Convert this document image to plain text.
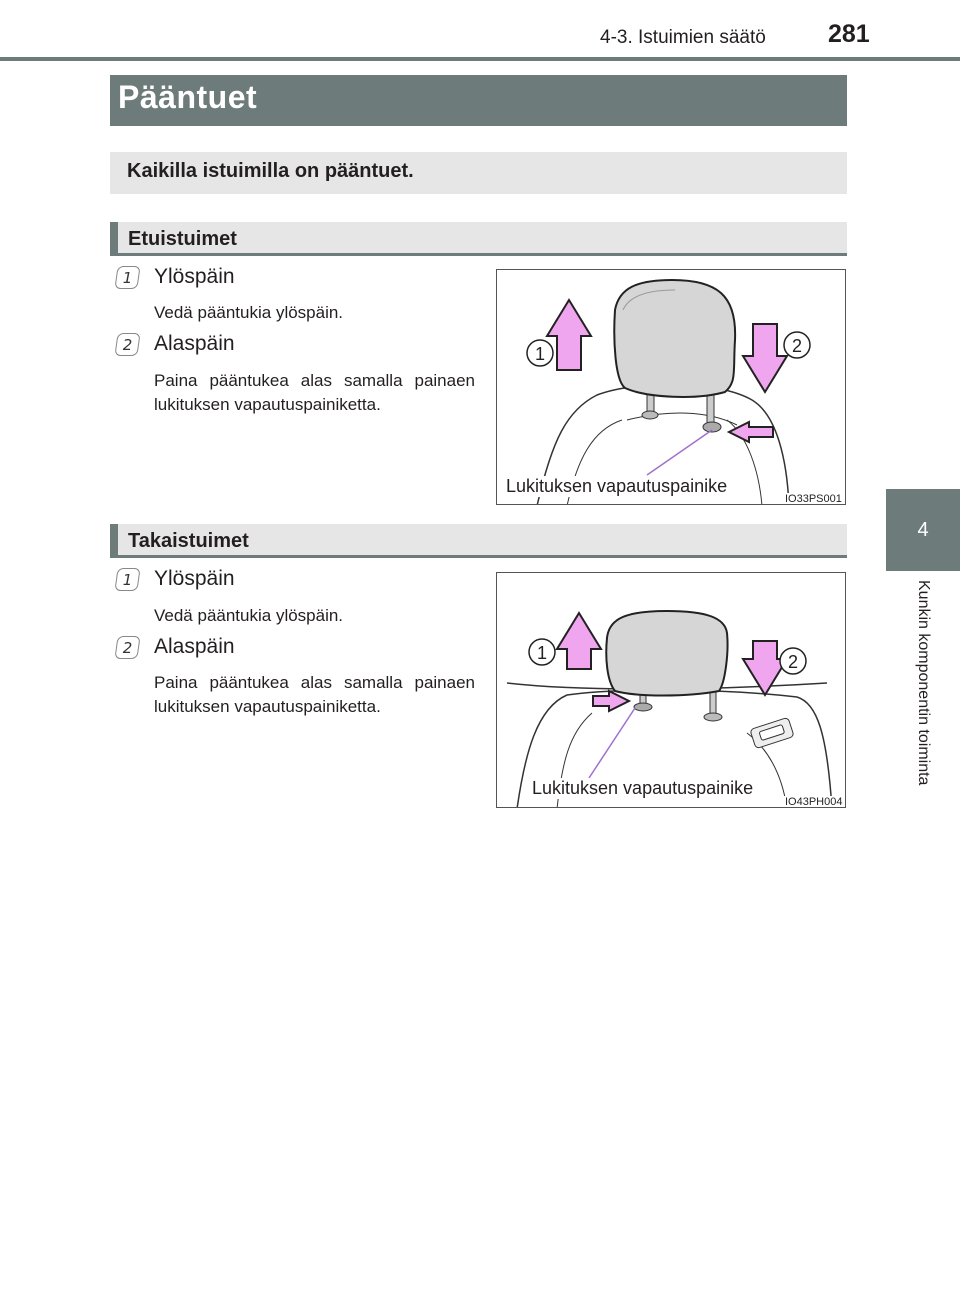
4-3. Istuimien säätö 281
4
Kunkin komponentin toiminta
Pääntuet
Kaikilla istuimilla on pääntuet.
Etuistuimet
1	Ylöspäin
Vedä pääntukia ylöspäin.
2	Alaspäin
Paina pääntukea alas samalla painaen lukituksen vapautuspainiketta.
1	2
Lukituksen vapautuspainike
IO33PS001
Takaistuimet
1	Ylöspäin
Vedä pääntukia ylöspäin.
2	Alaspäin
Paina pääntukea alas samalla painaen lukituksen vapautuspainiketta.
1	2
Lukituksen vapautuspainike
IO43PH004
